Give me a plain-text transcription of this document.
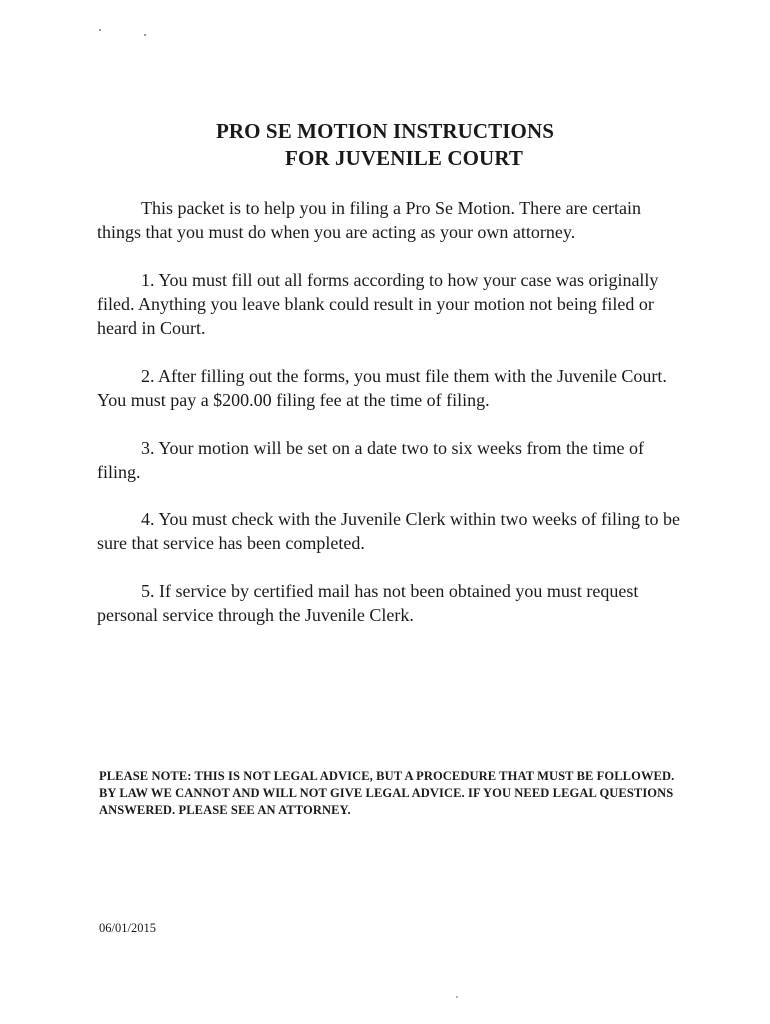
PRO SE MOTION INSTRUCTIONS
FOR JUVENILE COURT

This packet is to help you in filing a Pro Se Motion. There are certain things that you must do when you are acting as your own attorney.

1. You must fill out all forms according to how your case was originally filed. Anything you leave blank could result in your motion not being filed or heard in Court.

2. After filling out the forms, you must file them with the Juvenile Court. You must pay a $200.00 filing fee at the time of filing.

3. Your motion will be set on a date two to six weeks from the time of filing.

4. You must check with the Juvenile Clerk within two weeks of filing to be sure that service has been completed.

5. If service by certified mail has not been obtained you must request personal service through the Juvenile Clerk.

PLEASE NOTE: THIS IS NOT LEGAL ADVICE, BUT A PROCEDURE THAT MUST BE FOLLOWED. BY LAW WE CANNOT AND WILL NOT GIVE LEGAL ADVICE. IF YOU NEED LEGAL QUESTIONS ANSWERED. PLEASE SEE AN ATTORNEY.

06/01/2015
